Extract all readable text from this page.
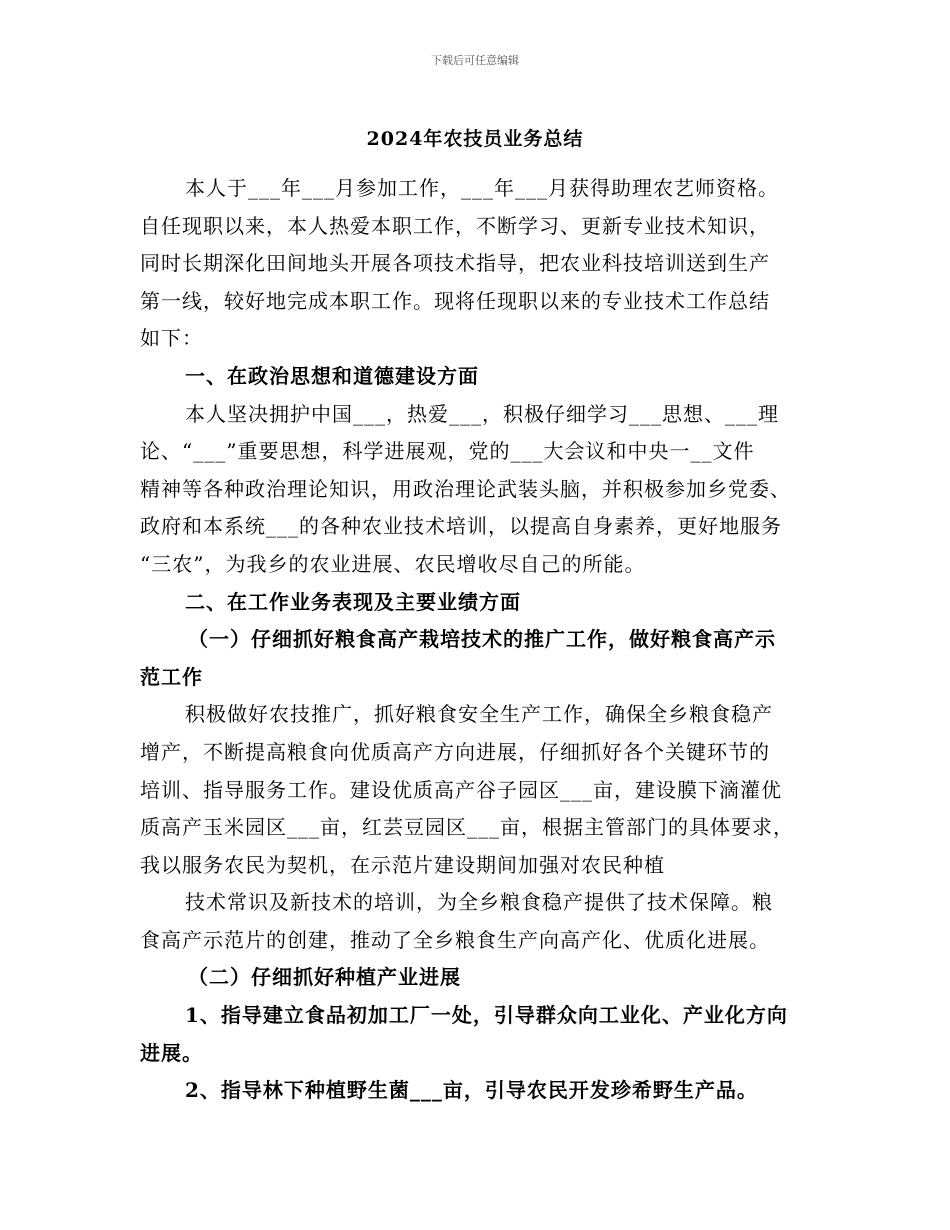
下载后可任意编辑
2024年农技员业务总结
本人于___年___月参加工作，___年___月获得助理农艺师资格。
自任现职以来，本人热爱本职工作，不断学习、更新专业技术知识，
同时长期深化田间地头开展各项技术指导，把农业科技培训送到生产
第一线，较好地完成本职工作。现将任现职以来的专业技术工作总结
如下：
一、在政治思想和道德建设方面
本人坚决拥护中国___，热爱___，积极仔细学习___思想、___理
论、“___”重要思想，科学进展观，党的___大会议和中央一__文件
精神等各种政治理论知识，用政治理论武装头脑，并积极参加乡党委、
政府和本系统___的各种农业技术培训，以提高自身素养，更好地服务
“三农”，为我乡的农业进展、农民增收尽自己的所能。
二、在工作业务表现及主要业绩方面
（一）仔细抓好粮食高产栽培技术的推广工作，做好粮食高产示
范工作
积极做好农技推广，抓好粮食安全生产工作，确保全乡粮食稳产
增产，不断提高粮食向优质高产方向进展，仔细抓好各个关键环节的
培训、指导服务工作。建设优质高产谷子园区___亩，建设膜下滴灌优
质高产玉米园区___亩，红芸豆园区___亩，根据主管部门的具体要求，
我以服务农民为契机，在示范片建设期间加强对农民种植
技术常识及新技术的培训，为全乡粮食稳产提供了技术保障。粮
食高产示范片的创建，推动了全乡粮食生产向高产化、优质化进展。
（二）仔细抓好种植产业进展
1、指导建立食品初加工厂一处，引导群众向工业化、产业化方向
进展。
2、指导林下种植野生菌___亩，引导农民开发珍希野生产品。
